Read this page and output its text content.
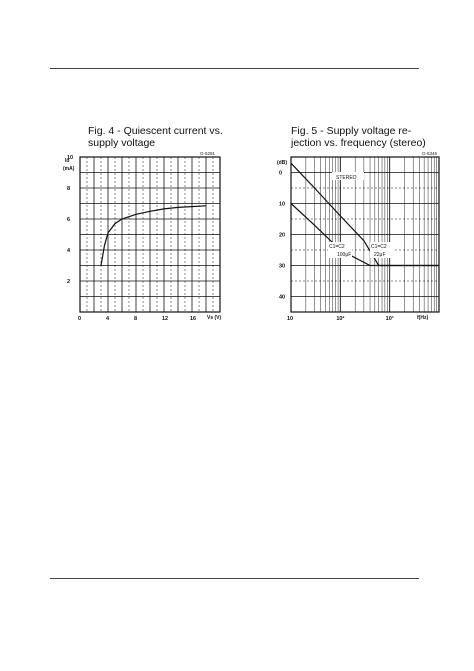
Fig. 4 - Quiescent current vs.
supply voltage
Fig. 5 - Supply voltage re-
jection vs. frequency (stereo)
G-5291	G-5346
10
8
6
4
2
0	4	8	12	16
Id
(mA)
Vs (V)
0
10
20
30
40
10	10²	10³
(dB)
f(Hz)
STEREO
C1=C2
100μF
C1=C2
22μF
